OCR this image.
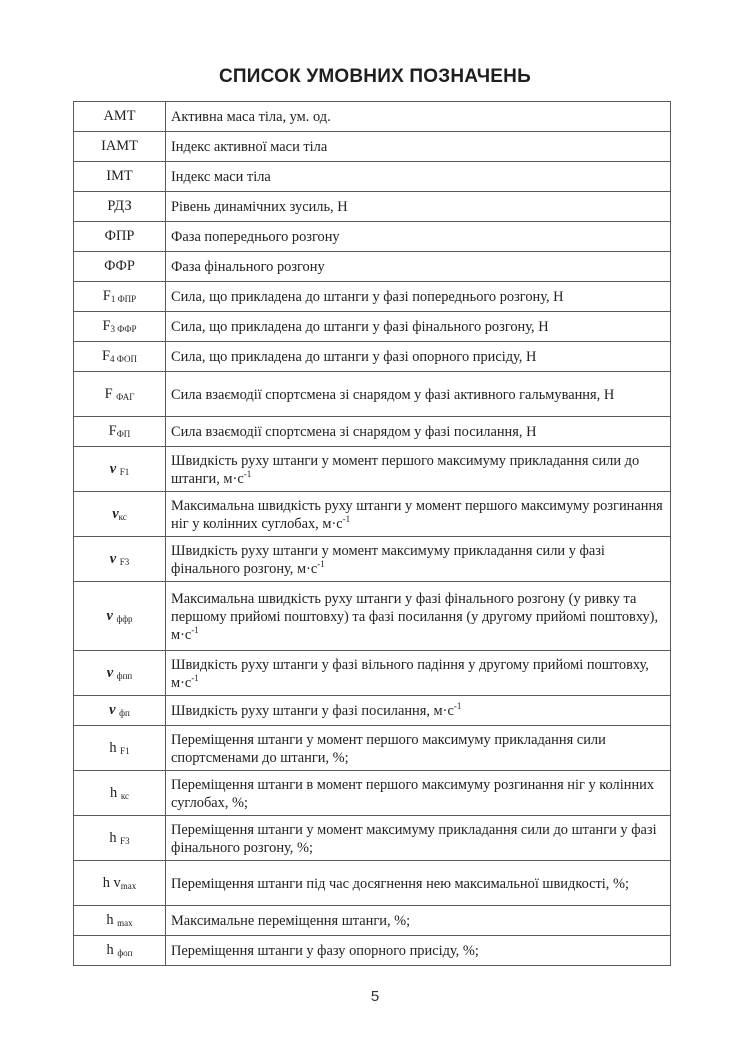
СПИСОК УМОВНИХ ПОЗНАЧЕНЬ
АМТ	Активна маса тіла, ум. од.
ІАМТ	Індекс активної маси тіла
ІМТ	Індекс маси тіла
РДЗ	Рівень динамічних зусиль, Н
ФПР	Фаза попереднього розгону
ФФР	Фаза фінального розгону
$F_{1 ФПР}$	Сила, що прикладена до штанги у фазі попереднього розгону, Н
$F_{3 ФФР}$	Сила, що прикладена до штанги у фазі фінального розгону, Н
$F_{4 ФОП}$	Сила, що прикладена до штанги у фазі опорного присіду, Н
F $_{ФАГ}$	Сила взаємодії спортсмена зі снарядом у фазі активного гальмування, Н
$F_{ФП}$	Сила взаємодії спортсмена зі снарядом у фазі посилання, Н
v $_{F1}$	Швидкість руху штанги у момент першого максимуму прикладання сили до штанги, $м\cdot с^{-1}$
$v_{кс}$	Максимальна швидкість руху штанги у момент першого максимуму розгинання ніг у колінних суглобах, $м\cdot с^{-1}$
v $_{F3}$	Швидкість руху штанги у момент максимуму прикладання сили у фазі фінального розгону, $м\cdot с^{-1}$
v $_{ффр}$	Максимальна швидкість руху штанги у фазі фінального розгону (у ривку та першому прийомі поштовху) та фазі посилання (у другому прийомі поштовху), $м\cdot с^{-1}$
v $_{фпп}$	Швидкість руху штанги у фазі вільного падіння у другому прийомі поштовху, $м\cdot с^{-1}$
v $_{фп}$	Швидкість руху штанги у фазі посилання, $м\cdot с^{-1}$
h $_{F1}$	Переміщення штанги у момент першого максимуму прикладання сили спортсменами до штанги, %;
h $_{кс}$	Переміщення штанги в момент першого максимуму розгинання ніг у колінних суглобах, %;
h $_{F3}$	Переміщення штанги у момент максимуму прикладання сили до штанги у фазі фінального розгону, %;
h $v_{max}$	Переміщення штанги під час досягнення нею максимальної швидкості, %;
h $_{max}$	Максимальне переміщення штанги, %;
h $_{фоп}$	Переміщення штанги у фазу опорного присіду, %;
5
